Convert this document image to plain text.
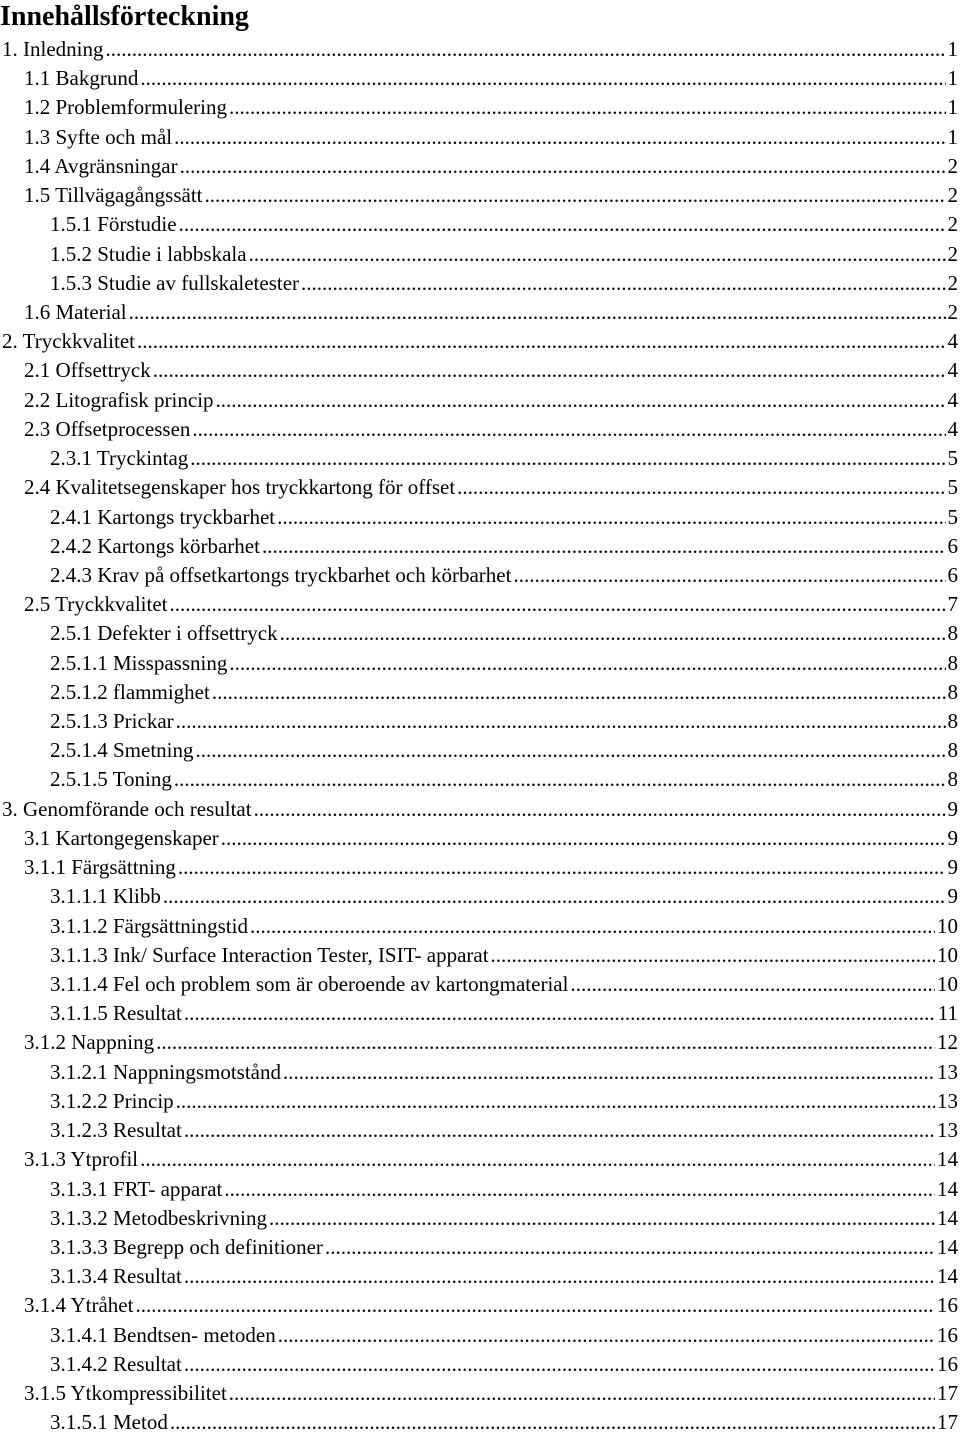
Innehållsförteckning
1. Inledning .....	1
1.1 Bakgrund .....	1
1.2 Problemformulering .....	1
1.3 Syfte och mål .....	1
1.4 Avgränsningar .....	2
1.5 Tillvägagångssätt .....	2
1.5.1 Förstudie .....	2
1.5.2 Studie i labbskala .....	2
1.5.3 Studie av fullskaletester .....	2
1.6 Material .....	2
2. Tryckkvalitet .....	4
2.1 Offsettryck .....	4
2.2 Litografisk princip .....	4
2.3 Offsetprocessen .....	4
2.3.1 Tryckintag .....	5
2.4 Kvalitetsegenskaper hos tryckkartong för offset .....	5
2.4.1 Kartongs tryckbarhet .....	5
2.4.2 Kartongs körbarhet .....	6
2.4.3 Krav på offsetkartongs tryckbarhet och körbarhet .....	6
2.5 Tryckkvalitet .....	7
2.5.1 Defekter i offsettryck .....	8
2.5.1.1 Misspassning .....	8
2.5.1.2 flammighet .....	8
2.5.1.3 Prickar .....	8
2.5.1.4 Smetning .....	8
2.5.1.5 Toning .....	8
3. Genomförande och resultat .....	9
3.1 Kartongegenskaper .....	9
3.1.1 Färgsättning .....	9
3.1.1.1 Klibb .....	9
3.1.1.2 Färgsättningstid .....	10
3.1.1.3 Ink/ Surface Interaction Tester, ISIT- apparat .....	10
3.1.1.4 Fel och problem som är oberoende av kartongmaterial .....	10
3.1.1.5 Resultat .....	11
3.1.2 Nappning .....	12
3.1.2.1 Nappningsmotstånd .....	13
3.1.2.2 Princip .....	13
3.1.2.3 Resultat .....	13
3.1.3 Ytprofil .....	14
3.1.3.1 FRT- apparat .....	14
3.1.3.2 Metodbeskrivning .....	14
3.1.3.3 Begrepp och definitioner .....	14
3.1.3.4 Resultat .....	14
3.1.4 Ytråhet .....	16
3.1.4.1 Bendtsen- metoden .....	16
3.1.4.2 Resultat .....	16
3.1.5 Ytkompressibilitet .....	17
3.1.5.1 Metod .....	17
